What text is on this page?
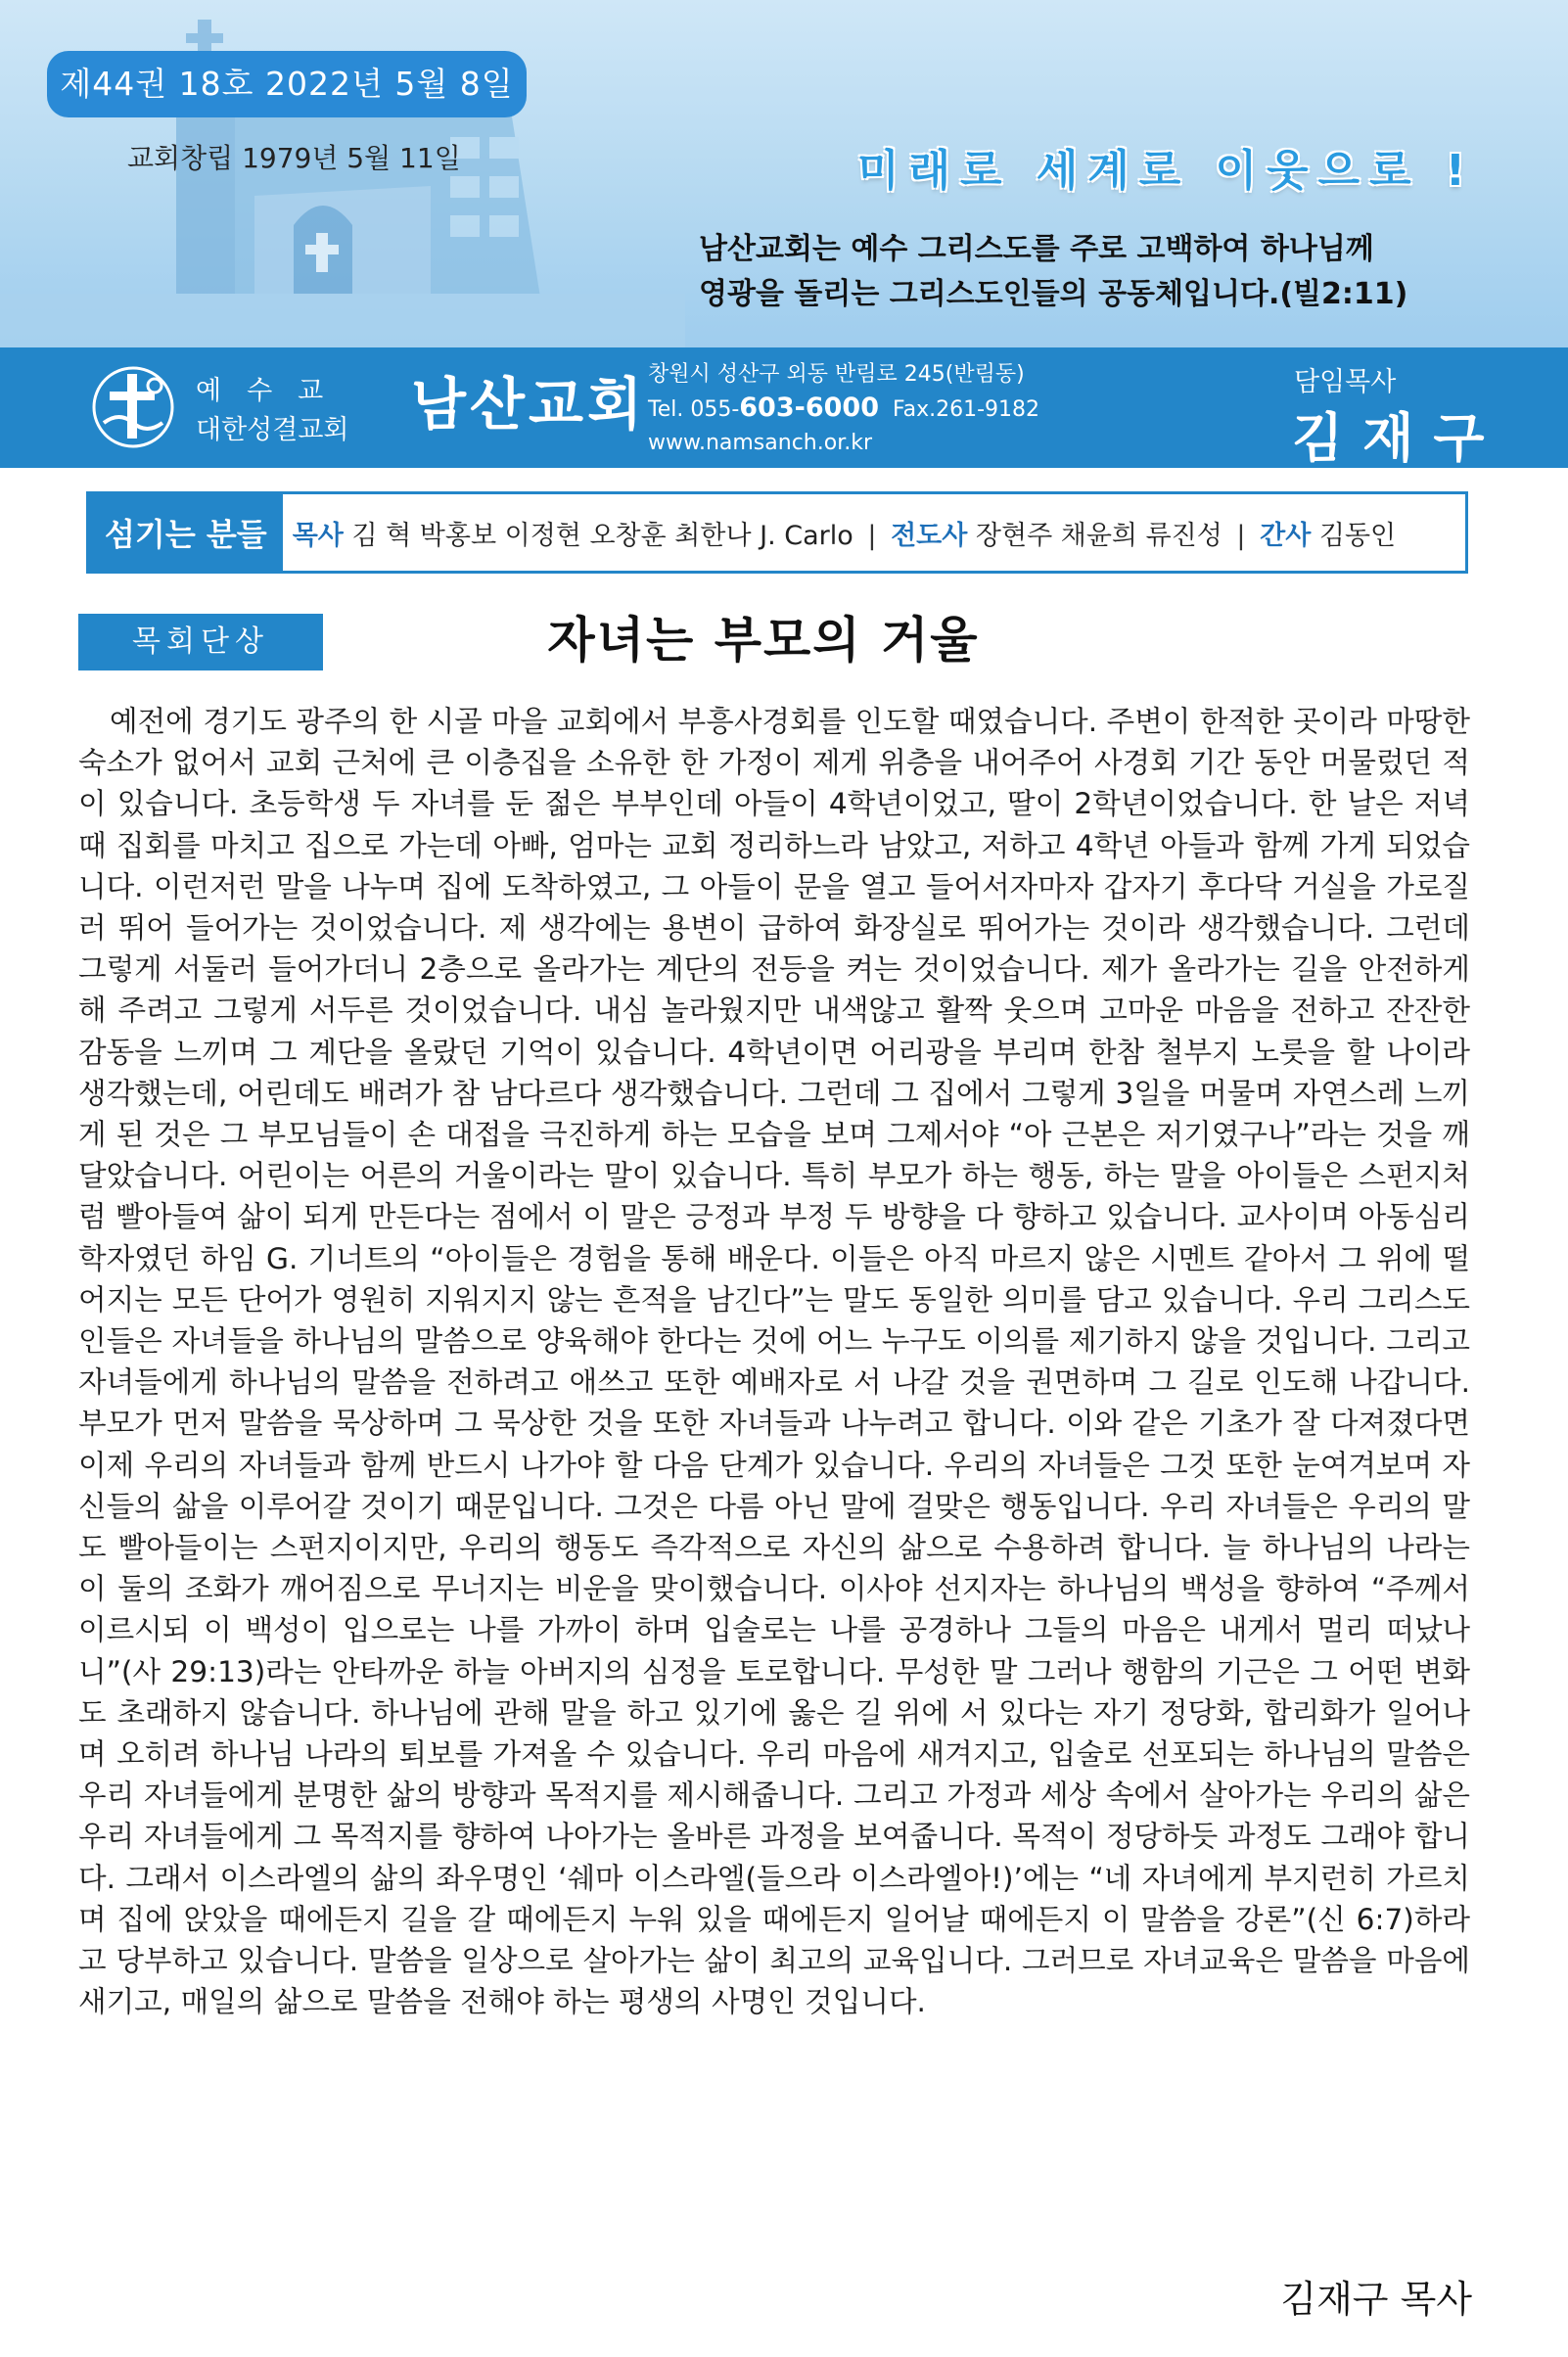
제44권 18호 2022년 5월 8일
교회창립 1979년 5월 11일	미래로 세계로 이웃으로 !
남산교회는 예수 그리스도를 주로 고백하여 하나님께
영광을 돌리는 그리스도인들의 공동체입니다.(빌2:11)
예수교
대한성결교회 남산교회 창원시 성산구 외동 반림로 245(반림동)
Tel. 055-603-6000 Fax.261-9182
www.namsanch.or.kr
담임목사
김재구
섬기는 분들 목사 김 혁 박홍보 이정현 오창훈 최한나 J. Carlo | 전도사 장현주 채윤희 류진성 | 간사 김동인
목회단상	자녀는 부모의 거울

예전에 경기도 광주의 한 시골 마을 교회에서 부흥사경회를 인도할 때였습니다. 주변이 한적한 곳이라 마땅한 숙소가 없어서 교회 근처에 큰 이층집을 소유한 한 가정이 제게 위층을 내어주어 사경회 기간 동안 머물렀던 적이 있습니다. 초등학생 두 자녀를 둔 젊은 부부인데 아들이 4학년이었고, 딸이 2학년이었습니다. 한 날은 저녁때 집회를 마치고 집으로 가는데 아빠, 엄마는 교회 정리하느라 남았고, 저하고 4학년 아들과 함께 가게 되었습니다. 이런저런 말을 나누며 집에 도착하였고, 그 아들이 문을 열고 들어서자마자 갑자기 후다닥 거실을 가로질러 뛰어 들어가는 것이었습니다. 제 생각에는 용변이 급하여 화장실로 뛰어가는 것이라 생각했습니다. 그런데 그렇게 서둘러 들어가더니 2층으로 올라가는 계단의 전등을 켜는 것이었습니다. 제가 올라가는 길을 안전하게 해 주려고 그렇게 서두른 것이었습니다. 내심 놀라웠지만 내색않고 활짝 웃으며 고마운 마음을 전하고 잔잔한 감동을 느끼며 그 계단을 올랐던 기억이 있습니다. 4학년이면 어리광을 부리며 한참 철부지 노릇을 할 나이라 생각했는데, 어린데도 배려가 참 남다르다 생각했습니다. 그런데 그 집에서 그렇게 3일을 머물며 자연스레 느끼게 된 것은 그 부모님들이 손 대접을 극진하게 하는 모습을 보며 그제서야 “아 근본은 저기였구나”라는 것을 깨달았습니다. 어린이는 어른의 거울이라는 말이 있습니다. 특히 부모가 하는 행동, 하는 말을 아이들은 스펀지처럼 빨아들여 삶이 되게 만든다는 점에서 이 말은 긍정과 부정 두 방향을 다 향하고 있습니다. 교사이며 아동심리학자였던 하임 G. 기너트의 “아이들은 경험을 통해 배운다. 이들은 아직 마르지 않은 시멘트 같아서 그 위에 떨어지는 모든 단어가 영원히 지워지지 않는 흔적을 남긴다”는 말도 동일한 의미를 담고 있습니다. 우리 그리스도인들은 자녀들을 하나님의 말씀으로 양육해야 한다는 것에 어느 누구도 이의를 제기하지 않을 것입니다. 그리고 자녀들에게 하나님의 말씀을 전하려고 애쓰고 또한 예배자로 서 나갈 것을 권면하며 그 길로 인도해 나갑니다. 부모가 먼저 말씀을 묵상하며 그 묵상한 것을 또한 자녀들과 나누려고 합니다. 이와 같은 기초가 잘 다져졌다면 이제 우리의 자녀들과 함께 반드시 나가야 할 다음 단계가 있습니다. 우리의 자녀들은 그것 또한 눈여겨보며 자신들의 삶을 이루어갈 것이기 때문입니다. 그것은 다름 아닌 말에 걸맞은 행동입니다. 우리 자녀들은 우리의 말도 빨아들이는 스펀지이지만, 우리의 행동도 즉각적으로 자신의 삶으로 수용하려 합니다. 늘 하나님의 나라는 이 둘의 조화가 깨어짐으로 무너지는 비운을 맞이했습니다. 이사야 선지자는 하나님의 백성을 향하여 “주께서 이르시되 이 백성이 입으로는 나를 가까이 하며 입술로는 나를 공경하나 그들의 마음은 내게서 멀리 떠났나니”(사 29:13)라는 안타까운 하늘 아버지의 심정을 토로합니다. 무성한 말 그러나 행함의 기근은 그 어떤 변화도 초래하지 않습니다. 하나님에 관해 말을 하고 있기에 옳은 길 위에 서 있다는 자기 정당화, 합리화가 일어나며 오히려 하나님 나라의 퇴보를 가져올 수 있습니다. 우리 마음에 새겨지고, 입술로 선포되는 하나님의 말씀은 우리 자녀들에게 분명한 삶의 방향과 목적지를 제시해줍니다. 그리고 가정과 세상 속에서 살아가는 우리의 삶은 우리 자녀들에게 그 목적지를 향하여 나아가는 올바른 과정을 보여줍니다. 목적이 정당하듯 과정도 그래야 합니다. 그래서 이스라엘의 삶의 좌우명인 ‘쉐마 이스라엘(들으라 이스라엘아!)’에는 “네 자녀에게 부지런히 가르치며 집에 앉았을 때에든지 길을 갈 때에든지 누워 있을 때에든지 일어날 때에든지 이 말씀을 강론”(신 6:7)하라고 당부하고 있습니다. 말씀을 일상으로 살아가는 삶이 최고의 교육입니다. 그러므로 자녀교육은 말씀을 마음에 새기고, 매일의 삶으로 말씀을 전해야 하는 평생의 사명인 것입니다.

김재구 목사
